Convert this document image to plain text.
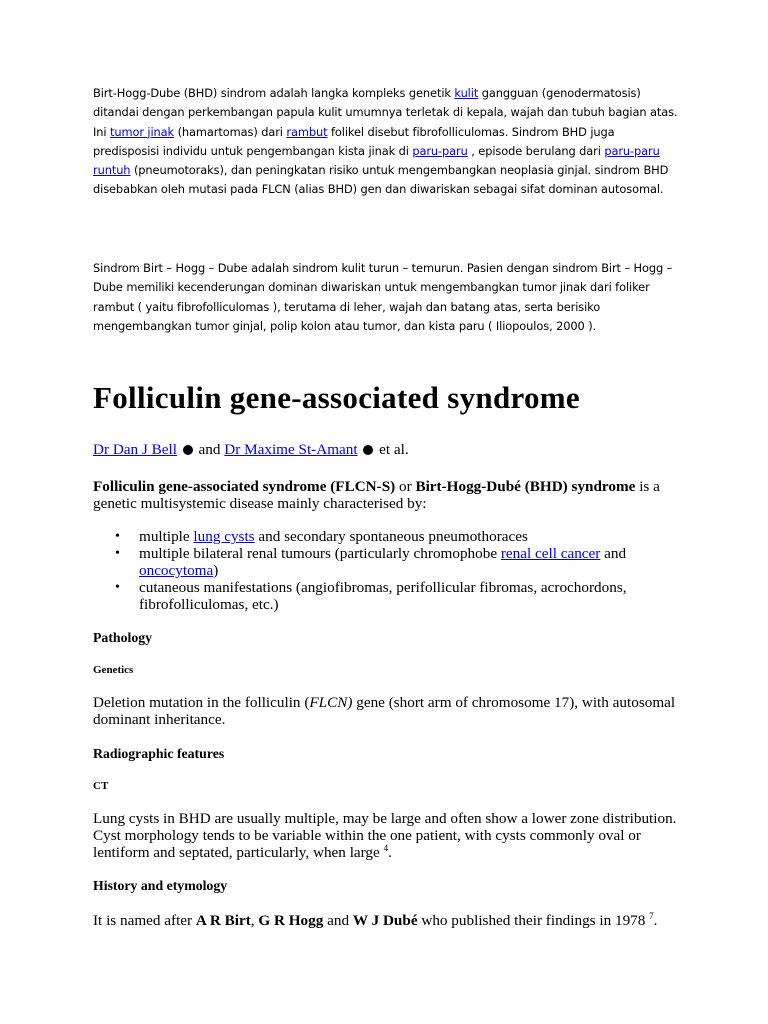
Birt-Hogg-Dube (BHD) sindrom adalah langka kompleks genetik kulit gangguan (genodermatosis) ditandai dengan perkembangan papula kulit umumnya terletak di kepala, wajah dan tubuh bagian atas. Ini tumor jinak (hamartomas) dari rambut folikel disebut fibrofolliculomas. Sindrom BHD juga predisposisi individu untuk pengembangan kista jinak di paru-paru , episode berulang dari paru-paru runtuh (pneumotoraks), dan peningkatan risiko untuk mengembangkan neoplasia ginjal. sindrom BHD disebabkan oleh mutasi pada FLCN (alias BHD) gen dan diwariskan sebagai sifat dominan autosomal.

Sindrom Birt – Hogg – Dube adalah sindrom kulit turun – temurun. Pasien dengan sindrom Birt – Hogg – Dube memiliki kecenderungan dominan diwariskan untuk mengembangkan tumor jinak dari foliker rambut ( yaitu fibrofolliculomas ), terutama di leher, wajah dan batang atas, serta berisiko mengembangkan tumor ginjal, polip kolon atau tumor, dan kista paru ( Iliopoulos, 2000 ).

Folliculin gene-associated syndrome
Dr Dan J Bell  and Dr Maxime St-Amant  et al.

Folliculin gene-associated syndrome (FLCN-S) or Birt-Hogg-Dubé (BHD) syndrome is a genetic multisystemic disease mainly characterised by:

• multiple lung cysts and secondary spontaneous pneumothoraces
• multiple bilateral renal tumours (particularly chromophobe renal cell cancer and oncocytoma)
• cutaneous manifestations (angiofibromas, perifollicular fibromas, acrochordons, fibrofolliculomas, etc.)

Pathology

Genetics

Deletion mutation in the folliculin (FLCN) gene (short arm of chromosome 17), with autosomal dominant inheritance.

Radiographic features

CT

Lung cysts in BHD are usually multiple, may be large and often show a lower zone distribution. Cyst morphology tends to be variable within the one patient, with cysts commonly oval or lentiform and septated, particularly, when large $^4$.

History and etymology

It is named after A R Birt, G R Hogg and W J Dubé who published their findings in 1978 $^7$.
